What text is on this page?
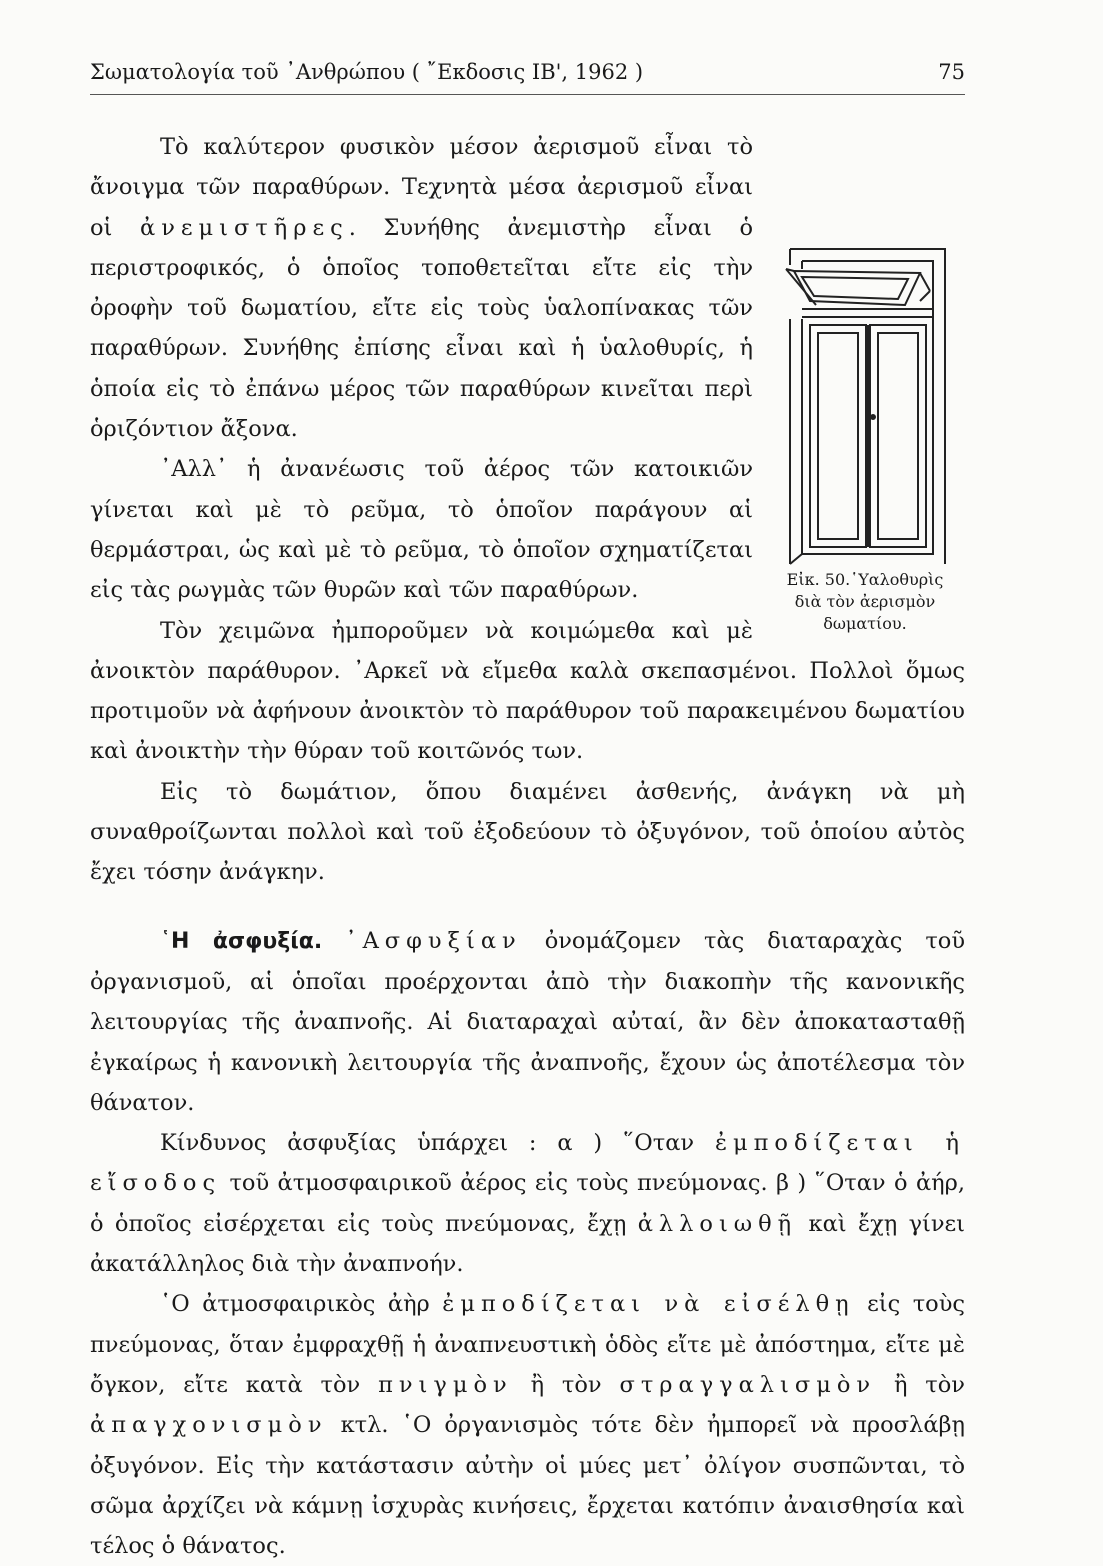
Σωματολογία τοῦ ᾿Ανθρώπου ( ῎Εκδοσις ΙΒ', 1962 )	75
Εἰκ. 50.῾Υαλοθυρὶς
διὰ τὸν ἀερισμὸν
δωματίου.

Τὸ καλύτερον φυσικὸν μέσον ἀερισμοῦ εἶναι τὸ ἄνοιγμα τῶν παραθύρων. Τεχνητὰ μέσα ἀερισμοῦ εἶναι οἱ ἀνεμιστῆρες. Συνήθης ἀνεμιστὴρ εἶναι ὁ περιστροφικός, ὁ ὁποῖος τοποθετεῖται εἴτε εἰς τὴν ὀροφὴν τοῦ δωματίου, εἴτε εἰς τοὺς ὑαλοπίνακας τῶν παραθύρων. Συνήθης ἐπίσης εἶναι καὶ ἡ ὑαλοθυρίς, ἡ ὁποία εἰς τὸ ἐπάνω μέρος τῶν παραθύρων κινεῖται περὶ ὁριζόντιον ἄξονα.

᾿Αλλ᾿ ἡ ἀνανέωσις τοῦ ἀέρος τῶν κατοικιῶν γίνεται καὶ μὲ τὸ ρεῦμα, τὸ ὁποῖον παράγουν αἱ θερμάστραι, ὡς καὶ μὲ τὸ ρεῦμα, τὸ ὁποῖον σχηματίζεται εἰς τὰς ρωγμὰς τῶν θυρῶν καὶ τῶν παραθύρων.

Τὸν χειμῶνα ἠμποροῦμεν νὰ κοιμώμεθα καὶ μὲ ἀνοικτὸν παράθυρον. ᾿Αρκεῖ νὰ εἴμεθα καλὰ σκεπασμένοι. Πολλοὶ ὅμως προτιμοῦν νὰ ἀφήνουν ἀνοικτὸν τὸ παράθυρον τοῦ παρακειμένου δωματίου καὶ ἀνοικτὴν τὴν θύραν τοῦ κοιτῶνός των.

Εἰς τὸ δωμάτιον, ὅπου διαμένει ἀσθενής, ἀνάγκη νὰ μὴ συναθροίζωνται πολλοὶ καὶ τοῦ ἐξοδεύουν τὸ ὀξυγόνον, τοῦ ὁποίου αὐτὸς ἔχει τόσην ἀνάγκην.

῾Η ἀσφυξία. ᾿Ασφυξίαν ὀνομάζομεν τὰς διαταραχὰς τοῦ ὀργανισμοῦ, αἱ ὁποῖαι προέρχονται ἀπὸ τὴν διακοπὴν τῆς κανονικῆς λειτουργίας τῆς ἀναπνοῆς. Αἱ διαταραχαὶ αὐταί, ἂν δὲν ἀποκατασταθῇ ἐγκαίρως ἡ κανονικὴ λειτουργία τῆς ἀναπνοῆς, ἔχουν ὡς ἀποτέλεσμα τὸν θάνατον.

Κίνδυνος ἀσφυξίας ὑπάρχει : α ) ῞Οταν ἐμποδίζεται ἡ εἴσοδος τοῦ ἀτμοσφαιρικοῦ ἀέρος εἰς τοὺς πνεύμονας. β ) ῞Οταν ὁ ἀήρ, ὁ ὁποῖος εἰσέρχεται εἰς τοὺς πνεύμονας, ἔχῃ ἀλλοιωθῇ καὶ ἔχῃ γίνει ἀκατάλληλος διὰ τὴν ἀναπνοήν.

῾Ο ἀτμοσφαιρικὸς ἀὴρ ἐμποδίζεται νὰ εἰσέλθῃ εἰς τοὺς πνεύμονας, ὅταν ἐμφραχθῇ ἡ ἀναπνευστικὴ ὁδὸς εἴτε μὲ ἀπόστημα, εἴτε μὲ ὄγκον, εἴτε κατὰ τὸν πνιγμὸν ἢ τὸν στραγγαλισμὸν ἢ τὸν ἀπαγχονισμὸν κτλ. ῾Ο ὀργανισμὸς τότε δὲν ἠμπορεῖ νὰ προσλάβῃ ὀξυγόνον. Εἰς τὴν κατάστασιν αὐτὴν οἱ μύες μετ᾿ ὀλίγον συσπῶνται, τὸ σῶμα ἀρχίζει νὰ κάμνῃ ἰσχυρὰς κινήσεις, ἔρχεται κατόπιν ἀναισθησία καὶ τέλος ὁ θάνατος.
